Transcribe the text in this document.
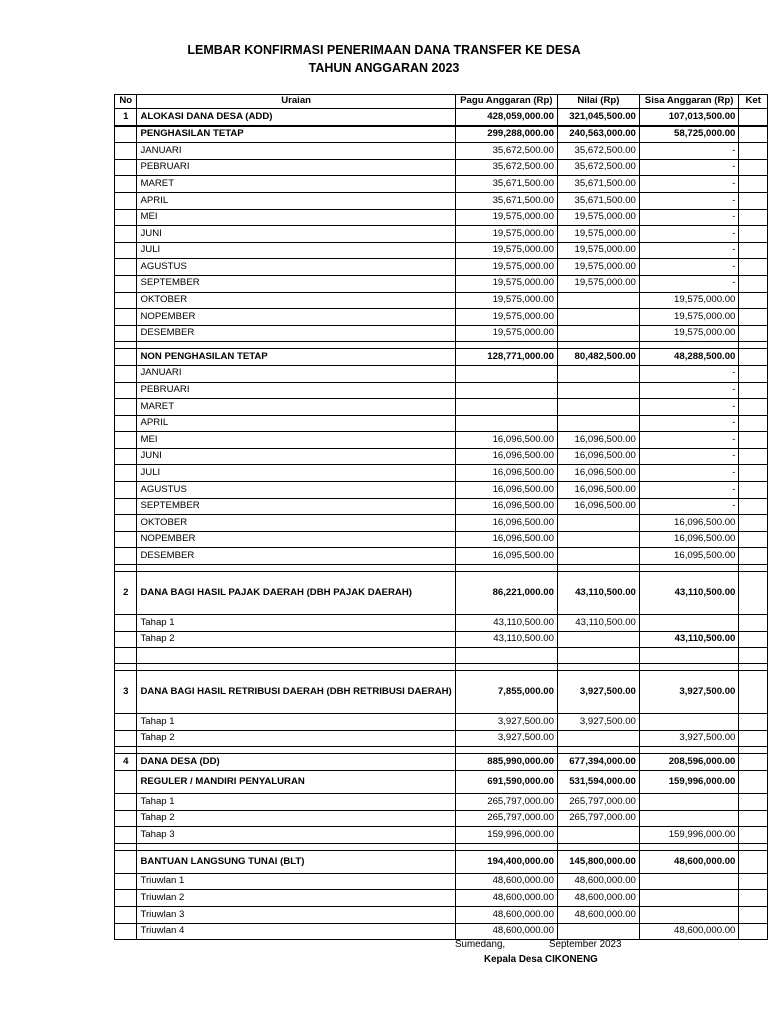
LEMBAR KONFIRMASI PENERIMAAN DANA TRANSFER KE DESA
TAHUN ANGGARAN 2023
No	Uraian	Pagu Anggaran (Rp)	Nilai (Rp)	Sisa Anggaran (Rp)	Ket
1	ALOKASI DANA DESA (ADD)	428,059,000.00	321,045,500.00	107,013,500.00	
	PENGHASILAN TETAP	299,288,000.00	240,563,000.00	58,725,000.00	
	JANUARI	35,672,500.00	35,672,500.00	-	
	PEBRUARI	35,672,500.00	35,672,500.00	-	
	MARET	35,671,500.00	35,671,500.00	-	
	APRIL	35,671,500.00	35,671,500.00	-	
	MEI	19,575,000.00	19,575,000.00	-	
	JUNI	19,575,000.00	19,575,000.00	-	
	JULI	19,575,000.00	19,575,000.00	-	
	AGUSTUS	19,575,000.00	19,575,000.00	-	
	SEPTEMBER	19,575,000.00	19,575,000.00	-	
	OKTOBER	19,575,000.00		19,575,000.00	
	NOPEMBER	19,575,000.00		19,575,000.00	
	DESEMBER	19,575,000.00		19,575,000.00	

	NON PENGHASILAN TETAP	128,771,000.00	80,482,500.00	48,288,500.00	
	JANUARI			-	
	PEBRUARI			-	
	MARET			-	
	APRIL			-	
	MEI	16,096,500.00	16,096,500.00	-	
	JUNI	16,096,500.00	16,096,500.00	-	
	JULI	16,096,500.00	16,096,500.00	-	
	AGUSTUS	16,096,500.00	16,096,500.00	-	
	SEPTEMBER	16,096,500.00	16,096,500.00	-	
	OKTOBER	16,096,500.00		16,096,500.00	
	NOPEMBER	16,096,500.00		16,096,500.00	
	DESEMBER	16,095,500.00		16,095,500.00	

2	DANA BAGI HASIL PAJAK DAERAH (DBH PAJAK DAERAH)	86,221,000.00	43,110,500.00	43,110,500.00	
	Tahap 1	43,110,500.00	43,110,500.00		
	Tahap 2	43,110,500.00		43,110,500.00	

3	DANA BAGI HASIL RETRIBUSI DAERAH (DBH RETRIBUSI DAERAH)	7,855,000.00	3,927,500.00	3,927,500.00	
	Tahap 1	3,927,500.00	3,927,500.00		
	Tahap 2	3,927,500.00		3,927,500.00	

4	DANA DESA (DD)	885,990,000.00	677,394,000.00	208,596,000.00	
	REGULER / MANDIRI PENYALURAN	691,590,000.00	531,594,000.00	159,996,000.00	
	Tahap 1	265,797,000.00	265,797,000.00		
	Tahap 2	265,797,000.00	265,797,000.00		
	Tahap 3	159,996,000.00		159,996,000.00	

	BANTUAN LANGSUNG TUNAI (BLT)	194,400,000.00	145,800,000.00	48,600,000.00	
	Triuwlan 1	48,600,000.00	48,600,000.00		
	Triuwlan 2	48,600,000.00	48,600,000.00		
	Triuwlan 3	48,600,000.00	48,600,000.00		
	Triuwlan 4	48,600,000.00		48,600,000.00	
Sumedang,	September 2023
Kepala Desa CIKONENG
